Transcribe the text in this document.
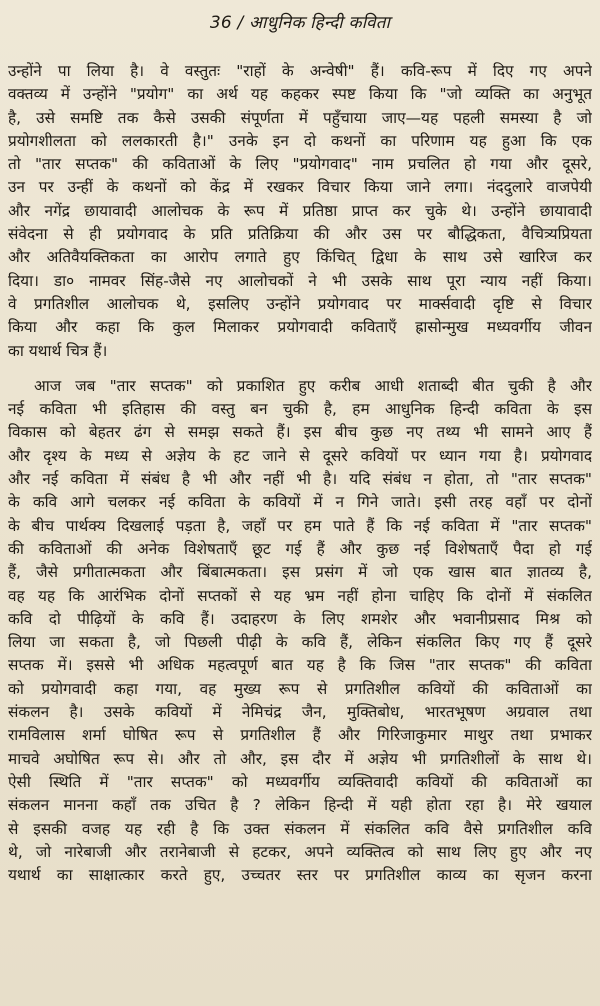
36 / आधुनिक हिन्दी कविता
उन्होंने पा लिया है। वे वस्तुतः "राहों के अन्वेषी" हैं। कवि-रूप में दिए गए अपने
वक्तव्य में उन्होंने "प्रयोग" का अर्थ यह कहकर स्पष्ट किया कि "जो व्यक्ति का अनुभूत
है, उसे समष्टि तक कैसे उसकी संपूर्णता में पहुँचाया जाए—यह पहली समस्या है जो
प्रयोगशीलता को ललकारती है।" उनके इन दो कथनों का परिणाम यह हुआ कि एक
तो "तार सप्तक" की कविताओं के लिए "प्रयोगवाद" नाम प्रचलित हो गया और दूसरे,
उन पर उन्हीं के कथनों को केंद्र में रखकर विचार किया जाने लगा। नंददुलारे वाजपेयी
और नगेंद्र छायावादी आलोचक के रूप में प्रतिष्ठा प्राप्त कर चुके थे। उन्होंने छायावादी
संवेदना से ही प्रयोगवाद के प्रति प्रतिक्रिया की और उस पर बौद्धिकता, वैचित्र्यप्रियता
और अतिवैयक्तिकता का आरोप लगाते हुए किंचित् द्विधा के साथ उसे खारिज कर
दिया। डा० नामवर सिंह-जैसे नए आलोचकों ने भी उसके साथ पूरा न्याय नहीं किया।
वे प्रगतिशील आलोचक थे, इसलिए उन्होंने प्रयोगवाद पर मार्क्सवादी दृष्टि से विचार
किया और कहा कि कुल मिलाकर प्रयोगवादी कविताएँ ह्रासोन्मुख मध्यवर्गीय जीवन
का यथार्थ चित्र हैं।
आज जब "तार सप्तक" को प्रकाशित हुए करीब आधी शताब्दी बीत चुकी है और
नई कविता भी इतिहास की वस्तु बन चुकी है, हम आधुनिक हिन्दी कविता के इस
विकास को बेहतर ढंग से समझ सकते हैं। इस बीच कुछ नए तथ्य भी सामने आए हैं
और दृश्य के मध्य से अज्ञेय के हट जाने से दूसरे कवियों पर ध्यान गया है। प्रयोगवाद
और नई कविता में संबंध है भी और नहीं भी है। यदि संबंध न होता, तो "तार सप्तक"
के कवि आगे चलकर नई कविता के कवियों में न गिने जाते। इसी तरह वहाँ पर दोनों
के बीच पार्थक्य दिखलाई पड़ता है, जहाँ पर हम पाते हैं कि नई कविता में "तार सप्तक"
की कविताओं की अनेक विशेषताएँ छूट गई हैं और कुछ नई विशेषताएँ पैदा हो गई
हैं, जैसे प्रगीतात्मकता और बिंबात्मकता। इस प्रसंग में जो एक खास बात ज्ञातव्य है,
वह यह कि आरंभिक दोनों सप्तकों से यह भ्रम नहीं होना चाहिए कि दोनों में संकलित
कवि दो पीढ़ियों के कवि हैं। उदाहरण के लिए शमशेर और भवानीप्रसाद मिश्र को
लिया जा सकता है, जो पिछली पीढ़ी के कवि हैं, लेकिन संकलित किए गए हैं दूसरे
सप्तक में। इससे भी अधिक महत्वपूर्ण बात यह है कि जिस "तार सप्तक" की कविता
को प्रयोगवादी कहा गया, वह मुख्य रूप से प्रगतिशील कवियों की कविताओं का
संकलन है। उसके कवियों में नेमिचंद्र जैन, मुक्तिबोध, भारतभूषण अग्रवाल तथा
रामविलास शर्मा घोषित रूप से प्रगतिशील हैं और गिरिजाकुमार माथुर तथा प्रभाकर
माचवे अघोषित रूप से। और तो और, इस दौर में अज्ञेय भी प्रगतिशीलों के साथ थे।
ऐसी स्थिति में "तार सप्तक" को मध्यवर्गीय व्यक्तिवादी कवियों की कविताओं का
संकलन मानना कहाँ तक उचित है ? लेकिन हिन्दी में यही होता रहा है। मेरे खयाल
से इसकी वजह यह रही है कि उक्त संकलन में संकलित कवि वैसे प्रगतिशील कवि
थे, जो नारेबाजी और तरानेबाजी से हटकर, अपने व्यक्तित्व को साथ लिए हुए और नए
यथार्थ का साक्षात्कार करते हुए, उच्चतर स्तर पर प्रगतिशील काव्य का सृजन करना
